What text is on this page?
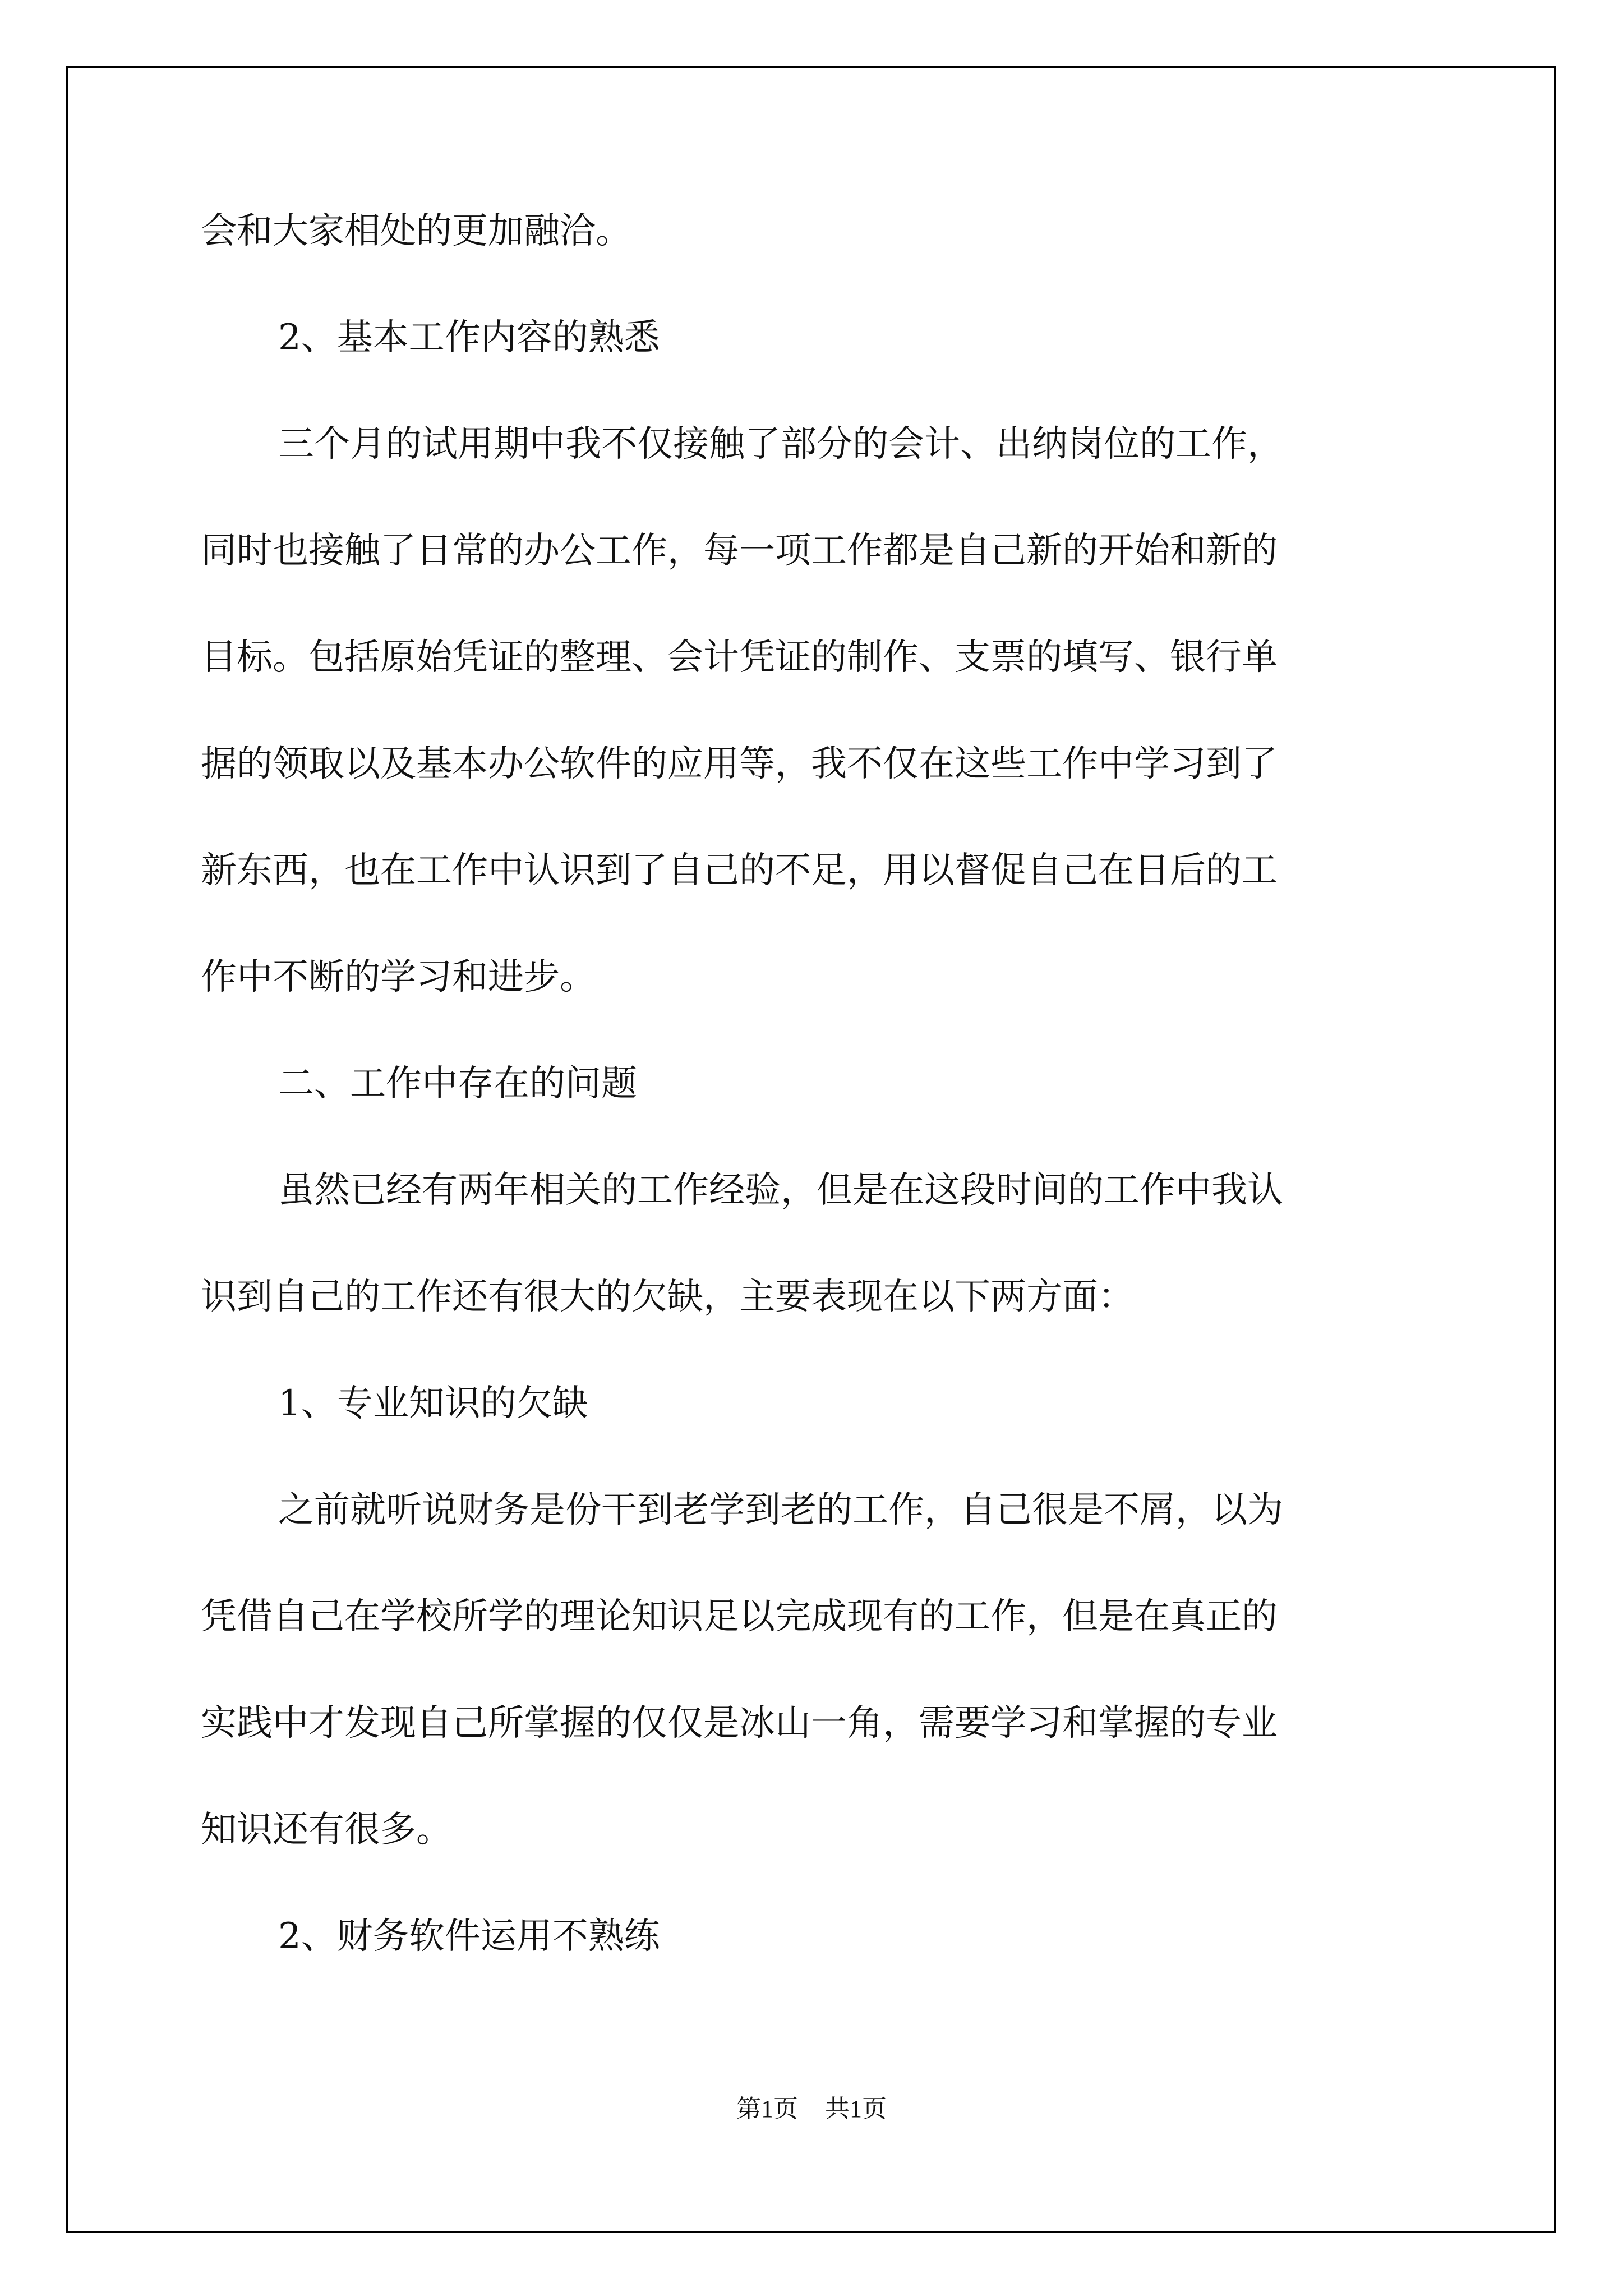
会和大家相处的更加融洽。
2、基本工作内容的熟悉
三个月的试用期中我不仅接触了部分的会计、出纳岗位的工作，
同时也接触了日常的办公工作，每一项工作都是自己新的开始和新的
目标。包括原始凭证的整理、会计凭证的制作、支票的填写、银行单
据的领取以及基本办公软件的应用等，我不仅在这些工作中学习到了
新东西，也在工作中认识到了自己的不足，用以督促自己在日后的工
作中不断的学习和进步。
二、工作中存在的问题
虽然已经有两年相关的工作经验，但是在这段时间的工作中我认
识到自己的工作还有很大的欠缺，主要表现在以下两方面：
1、专业知识的欠缺
之前就听说财务是份干到老学到老的工作，自己很是不屑，以为
凭借自己在学校所学的理论知识足以完成现有的工作，但是在真正的
实践中才发现自己所掌握的仅仅是冰山一角，需要学习和掌握的专业
知识还有很多。
2、财务软件运用不熟练
第1页 共1页
